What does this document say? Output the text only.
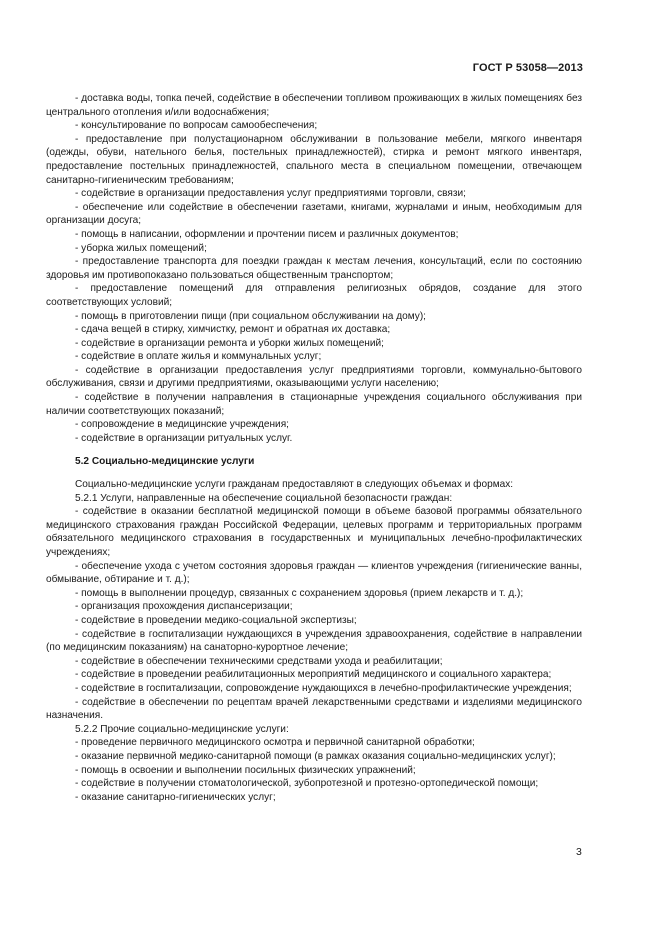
ГОСТ Р 53058—2013

- доставка воды, топка печей, содействие в обеспечении топливом проживающих в жилых помещениях без центрального отопления и/или водоснабжения;

- консультирование по вопросам самообеспечения;

- предоставление при полустационарном обслуживании в пользование мебели, мягкого инвентаря (одежды, обуви, нательного белья, постельных принадлежностей), стирка и ремонт мягкого инвентаря, предоставление постельных принадлежностей, спального места в специальном помещении, отвечающем санитарно-гигиеническим требованиям;

- содействие в организации предоставления услуг предприятиями торговли, связи;

- обеспечение или содействие в обеспечении газетами, книгами, журналами и иным, необходимым для организации досуга;

- помощь в написании, оформлении и прочтении писем и различных документов;

- уборка жилых помещений;

- предоставление транспорта для поездки граждан к местам лечения, консультаций, если по состоянию здоровья им противопоказано пользоваться общественным транспортом;

- предоставление помещений для отправления религиозных обрядов, создание для этого соответствующих условий;

- помощь в приготовлении пищи (при социальном обслуживании на дому);

- сдача вещей в стирку, химчистку, ремонт и обратная их доставка;

- содействие в организации ремонта и уборки жилых помещений;

- содействие в оплате жилья и коммунальных услуг;

- содействие в организации предоставления услуг предприятиями торговли, коммунально-бытового обслуживания, связи и другими предприятиями, оказывающими услуги населению;

- содействие в получении направления в стационарные учреждения социального обслуживания при наличии соответствующих показаний;

- сопровождение в медицинские учреждения;

- содействие в организации ритуальных услуг.

5.2 Социально-медицинские услуги

Социально-медицинские услуги гражданам предоставляют в следующих объемах и формах:

5.2.1 Услуги, направленные на обеспечение социальной безопасности граждан:

- содействие в оказании бесплатной медицинской помощи в объеме базовой программы обязательного медицинского страхования граждан Российской Федерации, целевых программ и территориальных программ обязательного медицинского страхования в государственных и муниципальных лечебно-профилактических учреждениях;

- обеспечение ухода с учетом состояния здоровья граждан — клиентов учреждения (гигиенические ванны, обмывание, обтирание и т. д.);

- помощь в выполнении процедур, связанных с сохранением здоровья (прием лекарств и т. д.);

- организация прохождения диспансеризации;

- содействие в проведении медико-социальной экспертизы;

- содействие в госпитализации нуждающихся в учреждения здравоохранения, содействие в направлении (по медицинским показаниям) на санаторно-курортное лечение;

- содействие в обеспечении техническими средствами ухода и реабилитации;

- содействие в проведении реабилитационных мероприятий медицинского и социального характера;

- содействие в госпитализации, сопровождение нуждающихся в лечебно-профилактические учреждения;

- содействие в обеспечении по рецептам врачей лекарственными средствами и изделиями медицинского назначения.

5.2.2 Прочие социально-медицинские услуги:

- проведение первичного медицинского осмотра и первичной санитарной обработки;

- оказание первичной медико-санитарной помощи (в рамках оказания социально-медицинских услуг);

- помощь в освоении и выполнении посильных физических упражнений;

- содействие в получении стоматологической, зубопротезной и протезно-ортопедической помощи;

- оказание санитарно-гигиенических услуг;

3
